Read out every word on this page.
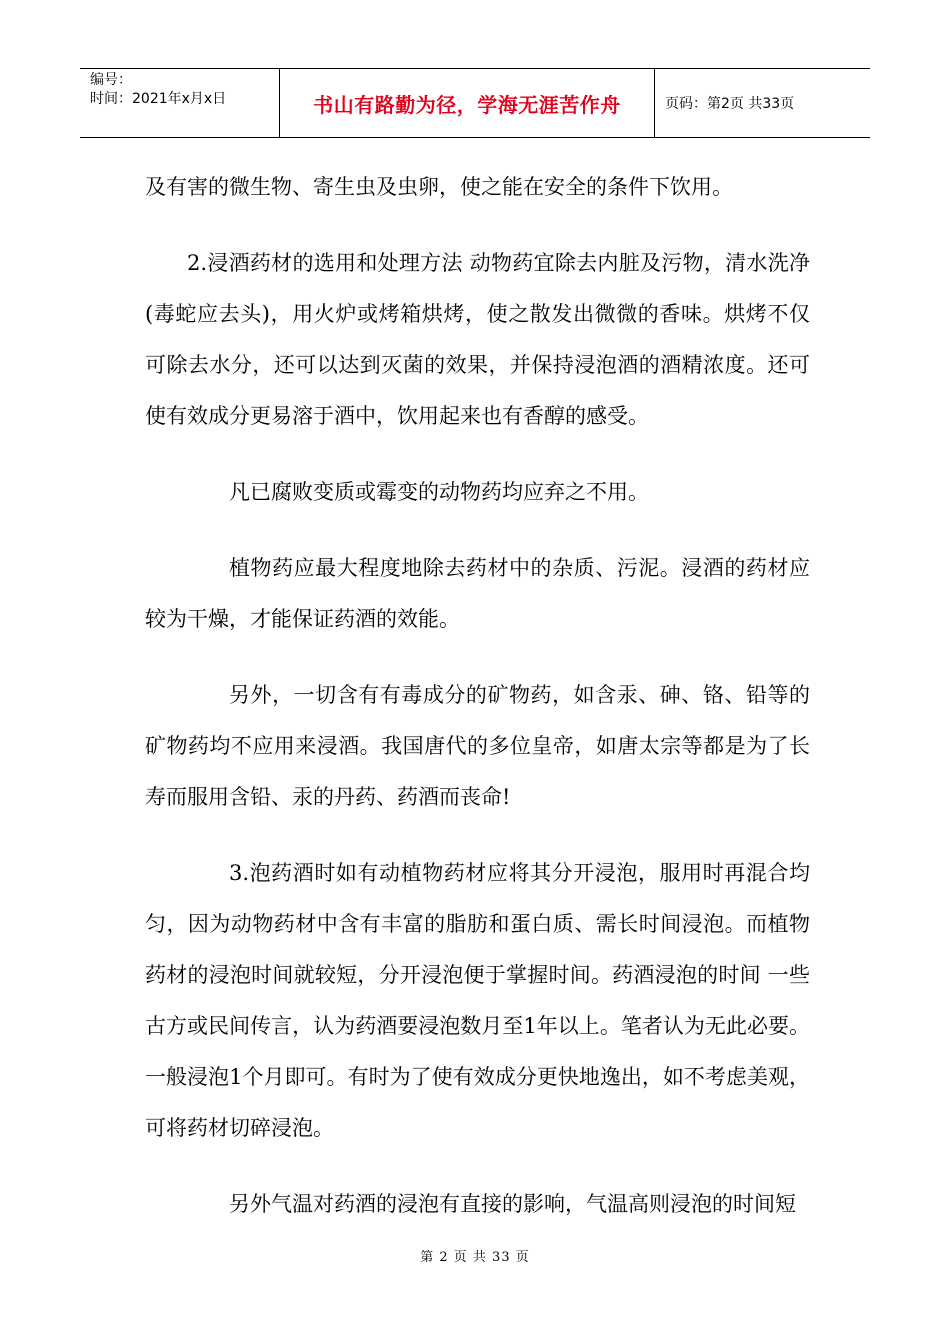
编号：
时间：2021年x月x日	书山有路勤为径，学海无涯苦作舟	页码：第2页 共33页

及有害的微生物、寄生虫及虫卵，使之能在安全的条件下饮用。

2.浸酒药材的选用和处理方法 动物药宜除去内脏及污物，清水洗净(毒蛇应去头)，用火炉或烤箱烘烤，使之散发出微微的香味。烘烤不仅可除去水分，还可以达到灭菌的效果，并保持浸泡酒的酒精浓度。还可使有效成分更易溶于酒中，饮用起来也有香醇的感受。

凡已腐败变质或霉变的动物药均应弃之不用。

植物药应最大程度地除去药材中的杂质、污泥。浸酒的药材应较为干燥，才能保证药酒的效能。

另外，一切含有有毒成分的矿物药，如含汞、砷、铬、铅等的矿物药均不应用来浸酒。我国唐代的多位皇帝，如唐太宗等都是为了长寿而服用含铅、汞的丹药、药酒而丧命!

3.泡药酒时如有动植物药材应将其分开浸泡，服用时再混合均匀，因为动物药材中含有丰富的脂肪和蛋白质、需长时间浸泡。而植物药材的浸泡时间就较短，分开浸泡便于掌握时间。药酒浸泡的时间 一些古方或民间传言，认为药酒要浸泡数月至1年以上。笔者认为无此必要。一般浸泡1个月即可。有时为了使有效成分更快地逸出，如不考虑美观，可将药材切碎浸泡。

另外气温对药酒的浸泡有直接的影响，气温高则浸泡的时间短

第 2 页 共 33 页
